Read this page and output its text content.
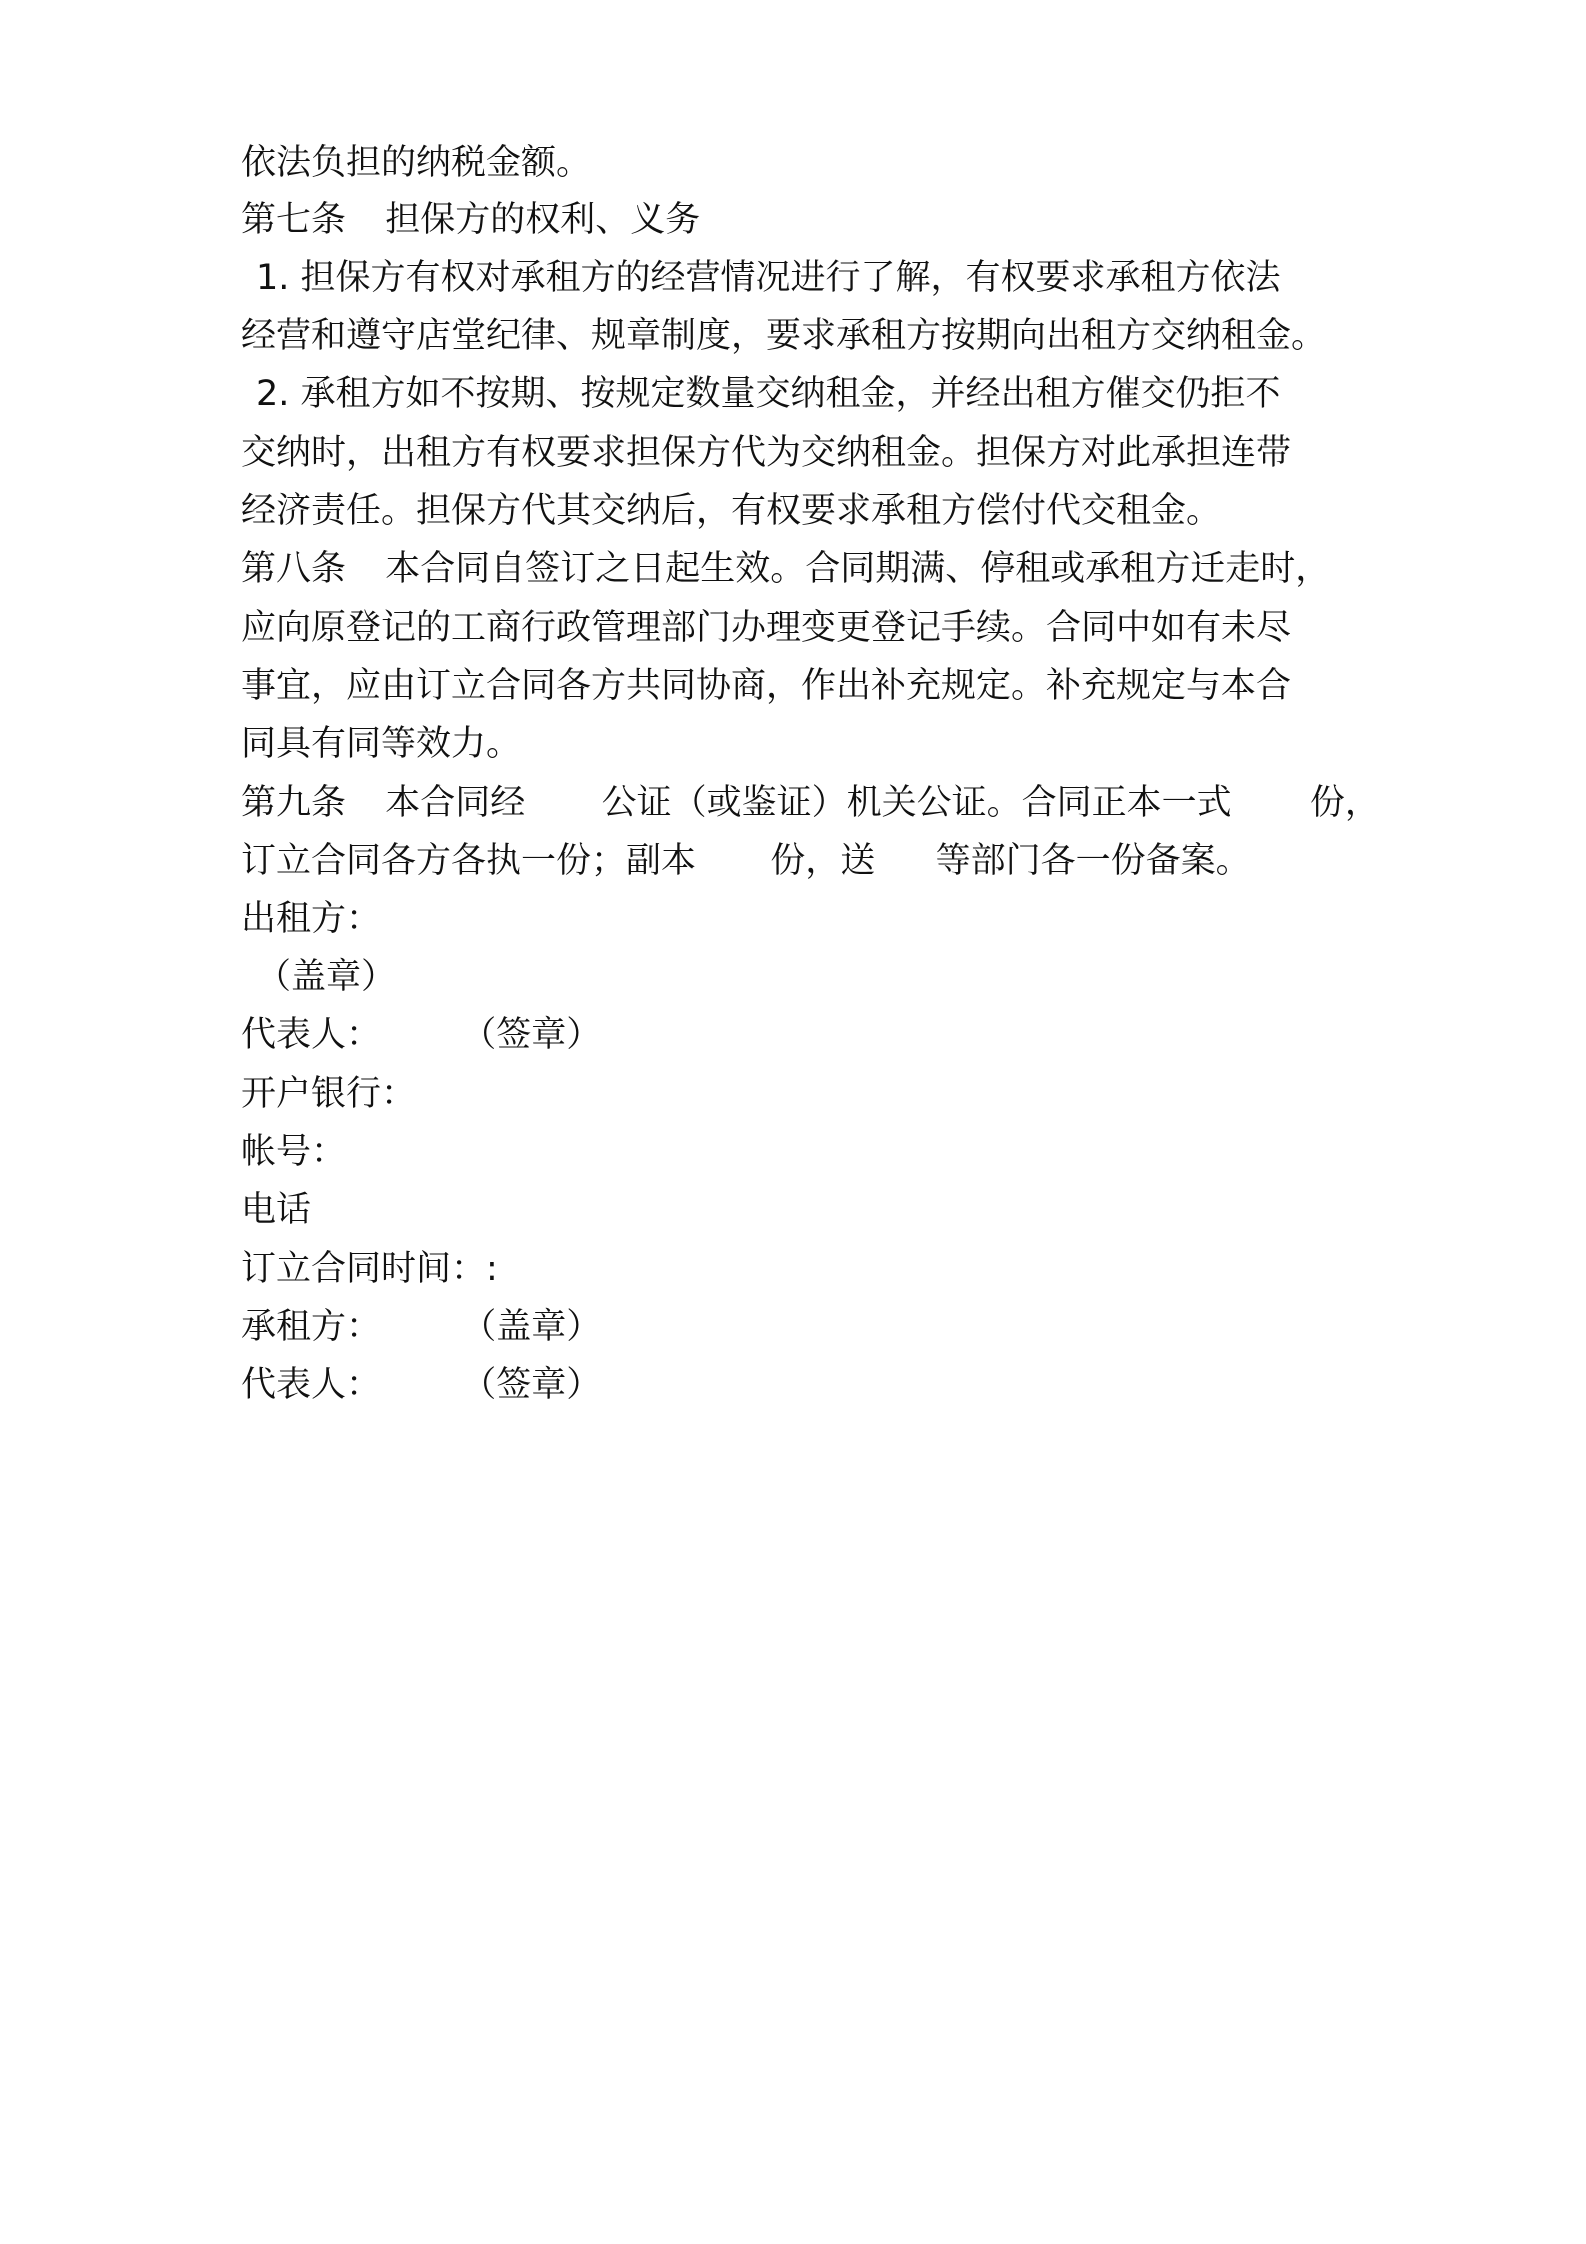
依法负担的纳税金额。
第七条 担保方的权利、义务
1. 担保方有权对承租方的经营情况进行了解，有权要求承租方依法
经营和遵守店堂纪律、规章制度，要求承租方按期向出租方交纳租金。
2. 承租方如不按期、按规定数量交纳租金，并经出租方催交仍拒不
交纳时，出租方有权要求担保方代为交纳租金。担保方对此承担连带
经济责任。担保方代其交纳后，有权要求承租方偿付代交租金。
第八条 本合同自签订之日起生效。合同期满、停租或承租方迁走时，
应向原登记的工商行政管理部门办理变更登记手续。合同中如有未尽
事宜，应由订立合同各方共同协商，作出补充规定。补充规定与本合
同具有同等效力。
第九条 本合同经 公证（或鉴证）机关公证。合同正本一式 份，
订立合同各方各执一份；副本 份，送 等部门各一份备案。
出租方：
（盖章）
代表人： （签章）
开户银行：
帐号：
电话
订立合同时间：:
承租方： （盖章）
代表人： （签章）
